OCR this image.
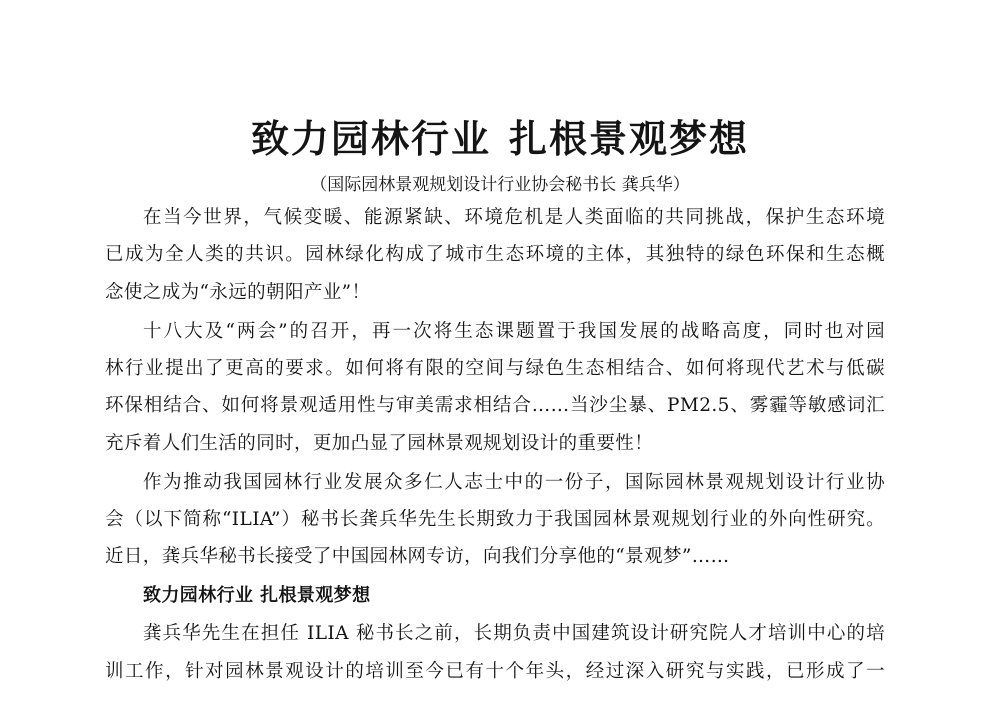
致力园林行业 扎根景观梦想
（国际园林景观规划设计行业协会秘书长 龚兵华）
在当今世界，气候变暖、能源紧缺、环境危机是人类面临的共同挑战，保护生态环境
已成为全人类的共识。园林绿化构成了城市生态环境的主体，其独特的绿色环保和生态概
念使之成为“永远的朝阳产业”！
十八大及“两会”的召开，再一次将生态课题置于我国发展的战略高度，同时也对园
林行业提出了更高的要求。如何将有限的空间与绿色生态相结合、如何将现代艺术与低碳
环保相结合、如何将景观适用性与审美需求相结合……当沙尘暴、PM2.5、雾霾等敏感词汇
充斥着人们生活的同时，更加凸显了园林景观规划设计的重要性！
作为推动我国园林行业发展众多仁人志士中的一份子，国际园林景观规划设计行业协
会（以下简称“ILIA”）秘书长龚兵华先生长期致力于我国园林景观规划行业的外向性研究。
近日，龚兵华秘书长接受了中国园林网专访，向我们分享他的“景观梦”……
致力园林行业 扎根景观梦想
龚兵华先生在担任 ILIA 秘书长之前，长期负责中国建筑设计研究院人才培训中心的培
训工作，针对园林景观设计的培训至今已有十个年头，经过深入研究与实践，已形成了一
